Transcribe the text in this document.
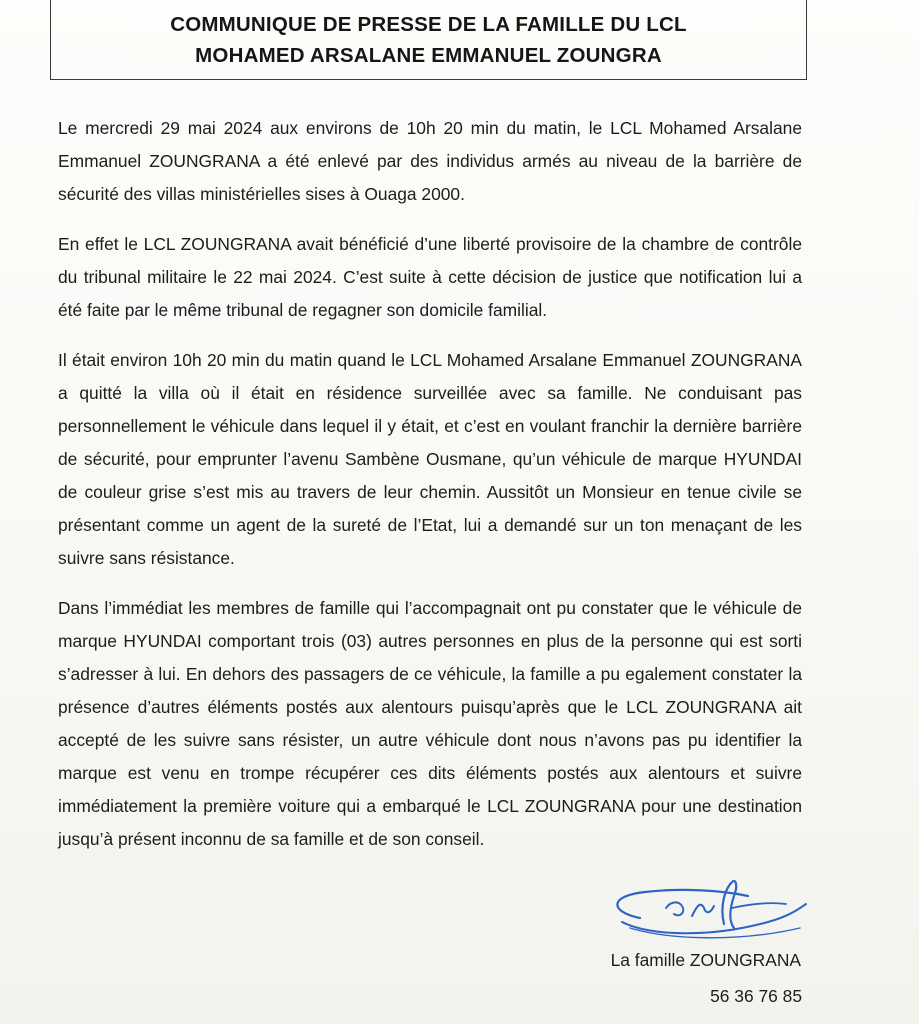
COMMUNIQUE DE PRESSE DE LA FAMILLE DU LCL
MOHAMED ARSALANE EMMANUEL ZOUNGRA

Le mercredi 29 mai 2024 aux environs de 10h 20 min du matin, le LCL Mohamed Arsalane Emmanuel ZOUNGRANA a été enlevé par des individus armés au niveau de la barrière de sécurité des villas ministérielles sises à Ouaga 2000.

En effet le LCL ZOUNGRANA avait bénéficié d’une liberté provisoire de la chambre de contrôle du tribunal militaire le 22 mai 2024. C’est suite à cette décision de justice que notification lui a été faite par le même tribunal de regagner son domicile familial.

Il était environ 10h 20 min du matin quand le LCL Mohamed Arsalane Emmanuel ZOUNGRANA a quitté la villa où il était en résidence surveillée avec sa famille. Ne conduisant pas personnellement le véhicule dans lequel il y était, et c’est en voulant franchir la dernière barrière de sécurité, pour emprunter l’avenu Sambène Ousmane, qu’un véhicule de marque HYUNDAI de couleur grise s’est mis au travers de leur chemin. Aussitôt un Monsieur en tenue civile se présentant comme un agent de la sureté de l’Etat, lui a demandé sur un ton menaçant de les suivre sans résistance.

Dans l’immédiat les membres de famille qui l’accompagnait ont pu constater que le véhicule de marque HYUNDAI comportant trois (03) autres personnes en plus de la personne qui est sorti s’adresser à lui. En dehors des passagers de ce véhicule, la famille a pu egalement constater la présence d’autres éléments postés aux alentours puisqu’après que le LCL ZOUNGRANA ait accepté de les suivre sans résister, un autre véhicule dont nous n’avons pas pu identifier la marque est venu en trompe récupérer ces dits éléments postés aux alentours et suivre immédiatement la première voiture qui a embarqué le LCL ZOUNGRANA pour une destination jusqu’à présent inconnu de sa famille et de son conseil.

La famille ZOUNGRANA
56 36 76 85
